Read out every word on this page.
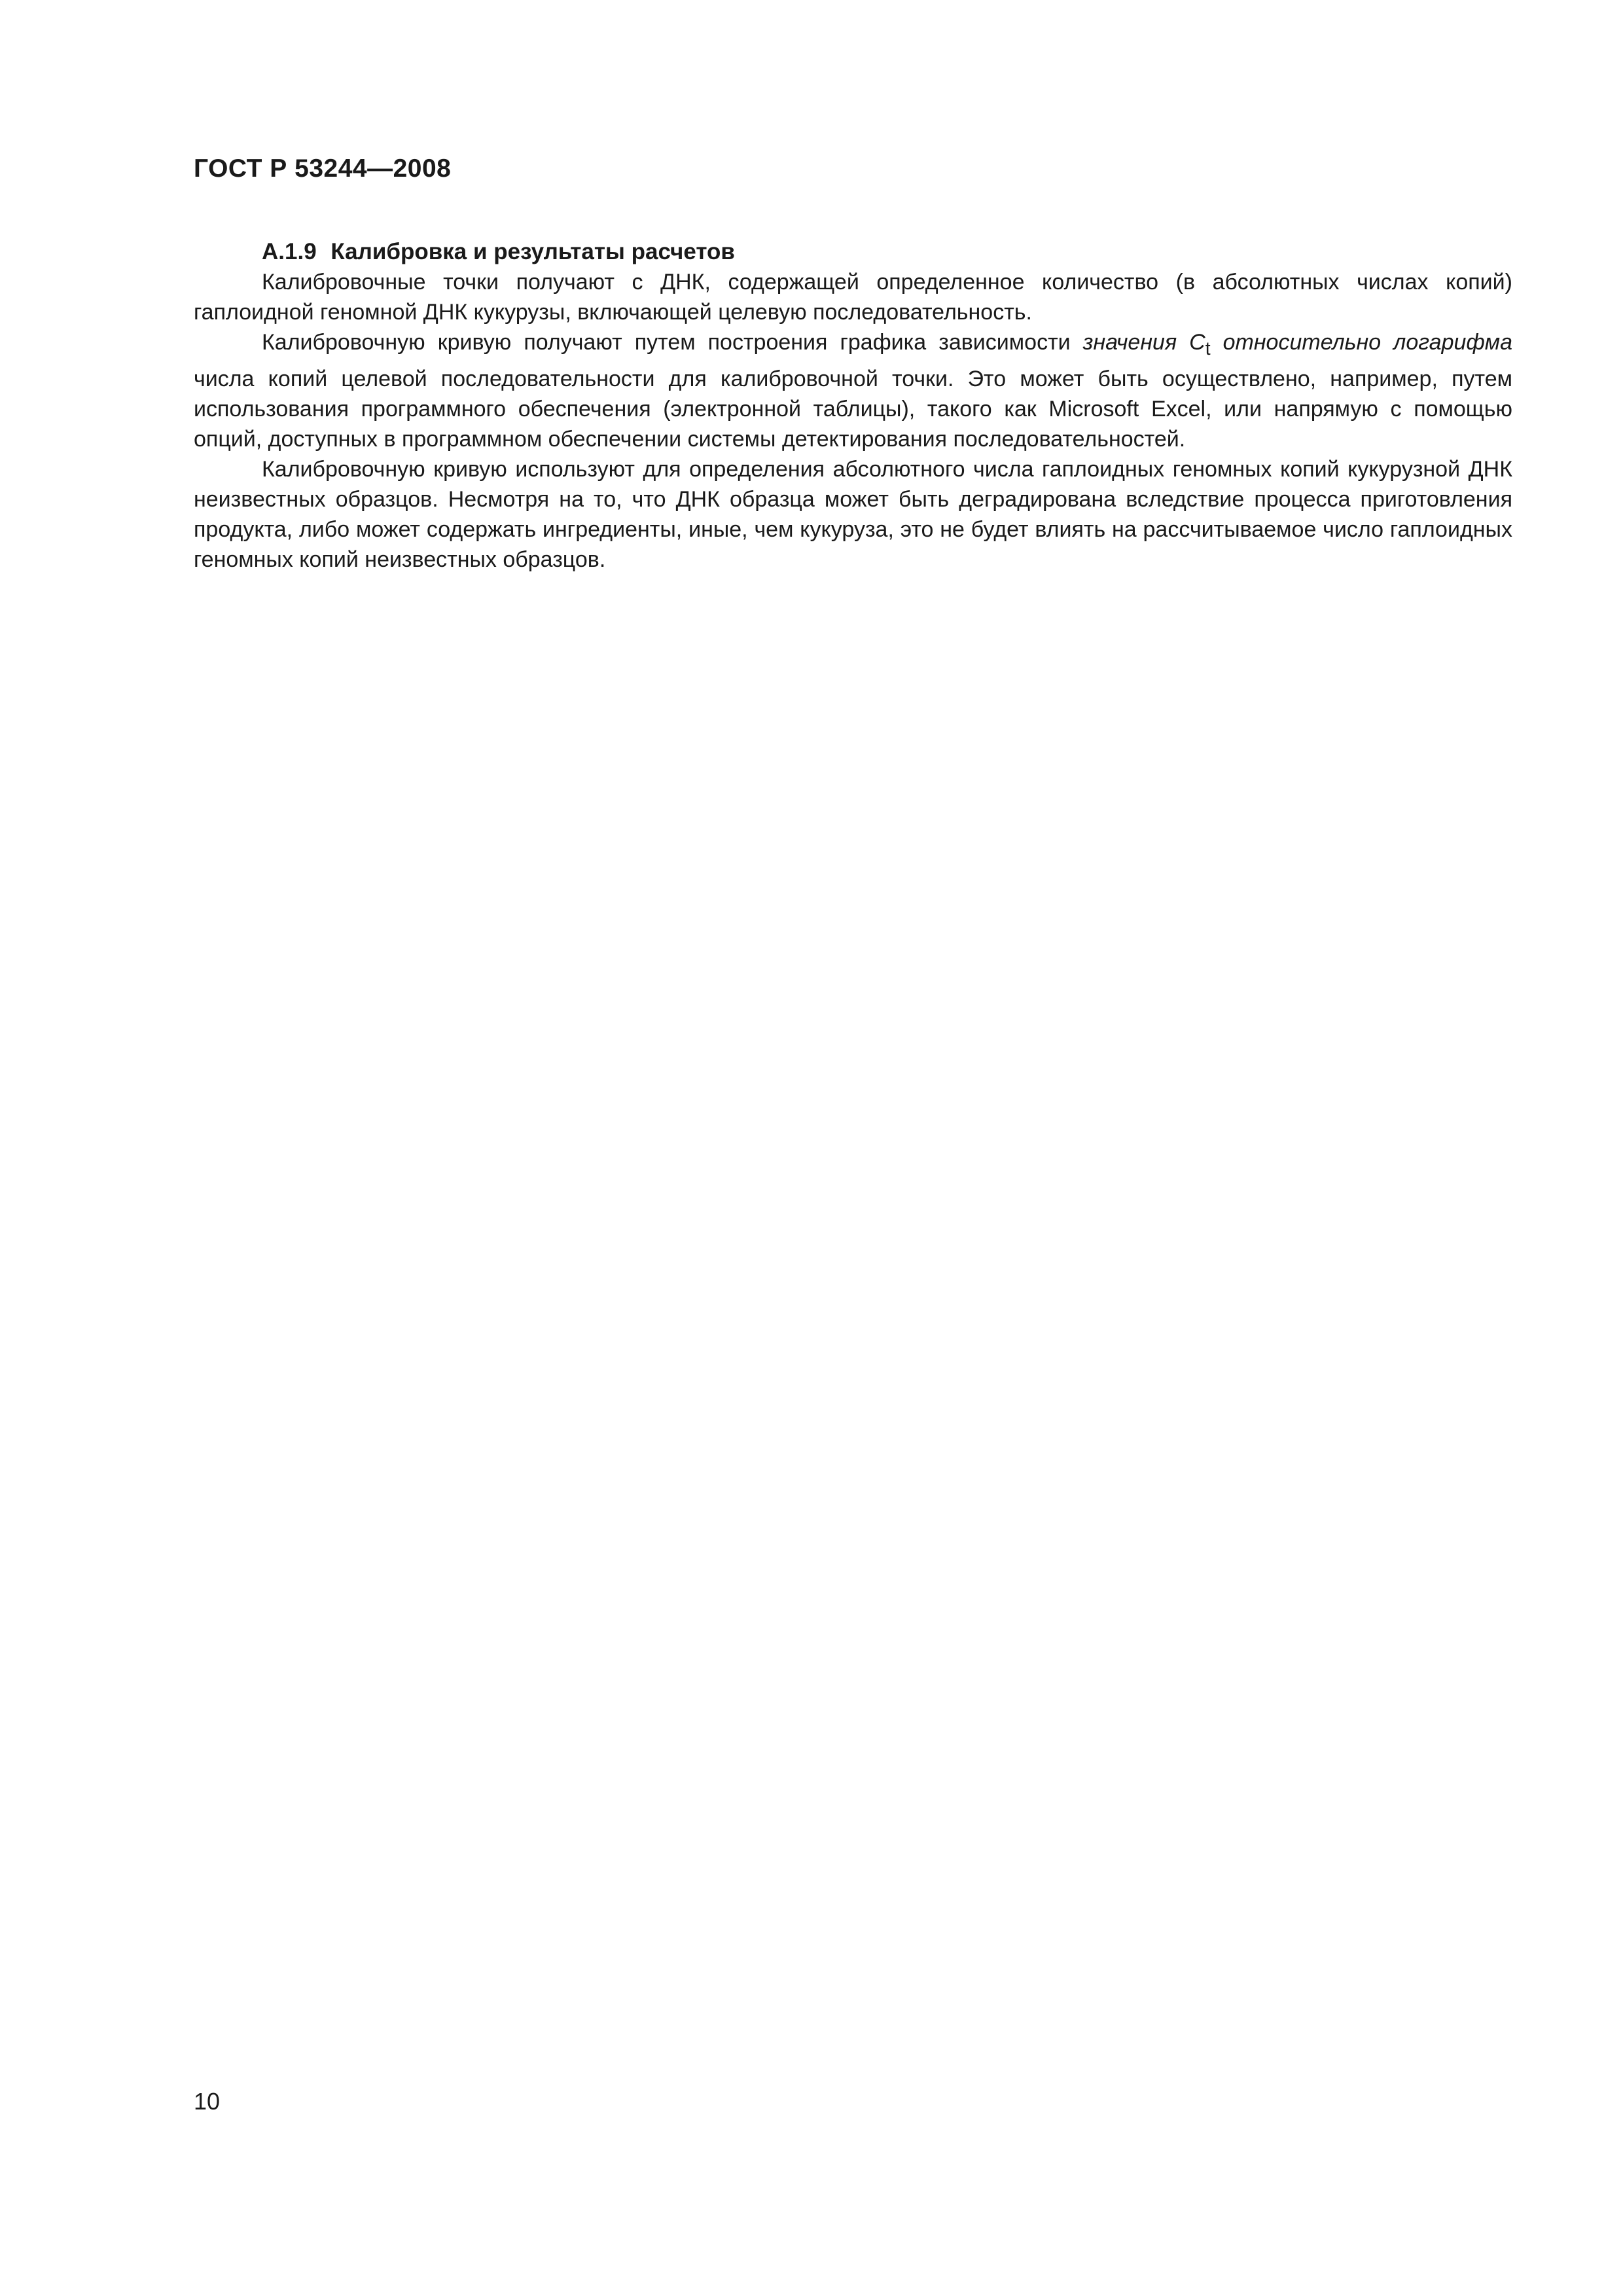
ГОСТ Р 53244—2008

А.1.9 Калибровка и результаты расчетов

Калибровочные точки получают с ДНК, содержащей определенное количество (в абсолютных числах копий) гаплоидной геномной ДНК кукурузы, включающей целевую последовательность.

Калибровочную кривую получают путем построения графика зависимости значения $C_t$ относительно логарифма числа копий целевой последовательности для калибровочной точки. Это может быть осуществлено, например, путем использования программного обеспечения (электронной таблицы), такого как Microsoft Excel, или напрямую с помощью опций, доступных в программном обеспечении системы детектирования последовательностей.

Калибровочную кривую используют для определения абсолютного числа гаплоидных геномных копий кукурузной ДНК неизвестных образцов. Несмотря на то, что ДНК образца может быть деградирована вследствие процесса приготовления продукта, либо может содержать ингредиенты, иные, чем кукуруза, это не будет влиять на рассчитываемое число гаплоидных геномных копий неизвестных образцов.

10
